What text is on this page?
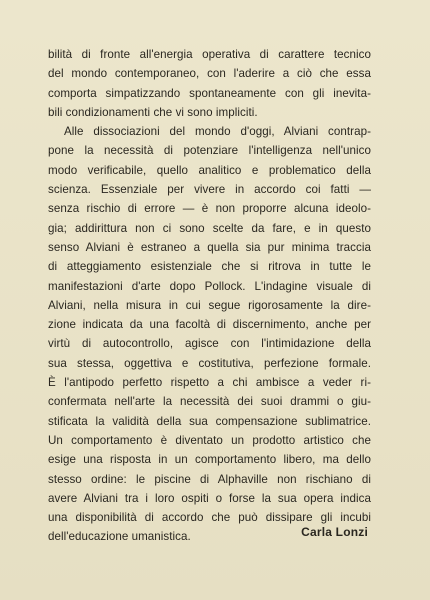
bilità di fronte all'energia operativa di carattere tecnico
del mondo contemporaneo, con l'aderire a ciò che essa
comporta simpatizzando spontaneamente con gli inevita-
bili condizionamenti che vi sono impliciti.
Alle dissociazioni del mondo d'oggi, Alviani contrap-
pone la necessità di potenziare l'intelligenza nell'unico
modo verificabile, quello analitico e problematico della
scienza. Essenziale per vivere in accordo coi fatti —
senza rischio di errore — è non proporre alcuna ideolo-
gia; addirittura non ci sono scelte da fare, e in questo
senso Alviani è estraneo a quella sia pur minima traccia
di atteggiamento esistenziale che si ritrova in tutte le
manifestazioni d'arte dopo Pollock. L'indagine visuale di
Alviani, nella misura in cui segue rigorosamente la dire-
zione indicata da una facoltà di discernimento, anche per
virtù di autocontrollo, agisce con l'intimidazione della
sua stessa, oggettiva e costitutiva, perfezione formale.
È l'antipodo perfetto rispetto a chi ambisce a veder ri-
confermata nell'arte la necessità dei suoi drammi o giu-
stificata la validità della sua compensazione sublimatrice.
Un comportamento è diventato un prodotto artistico che
esige una risposta in un comportamento libero, ma dello
stesso ordine: le piscine di Alphaville non rischiano di
avere Alviani tra i loro ospiti o forse la sua opera indica
una disponibilità di accordo che può dissipare gli incubi
dell'educazione umanistica.	Carla Lonzi
